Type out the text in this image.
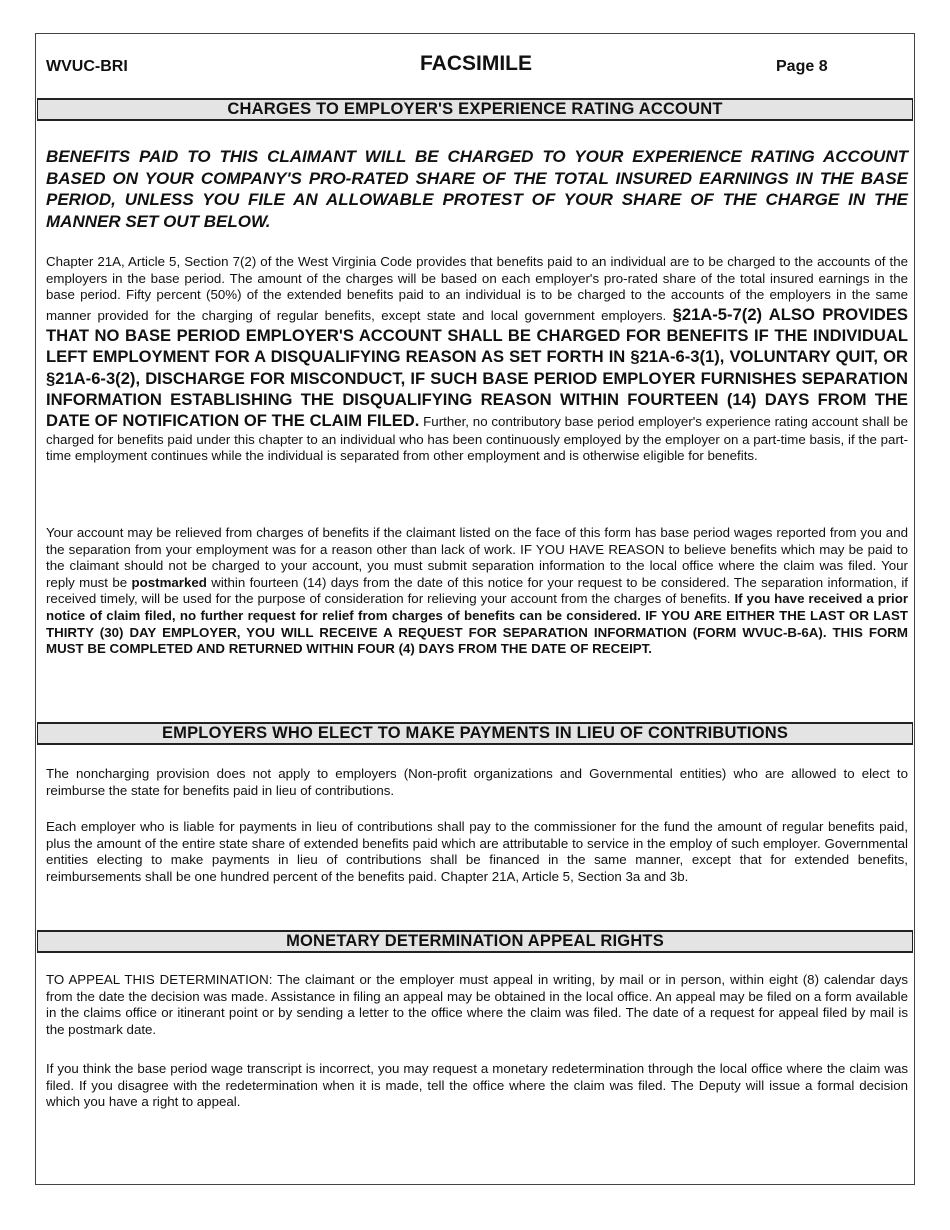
WVUC-BRI	FACSIMILE	Page 8
CHARGES TO EMPLOYER'S EXPERIENCE RATING ACCOUNT
BENEFITS PAID TO THIS CLAIMANT WILL BE CHARGED TO YOUR EXPERIENCE RATING ACCOUNT BASED ON YOUR COMPANY'S PRO-RATED SHARE OF THE TOTAL INSURED EARNINGS IN THE BASE PERIOD, UNLESS YOU FILE AN ALLOWABLE PROTEST OF YOUR SHARE OF THE CHARGE IN THE MANNER SET OUT BELOW.
Chapter 21A, Article 5, Section 7(2) of the West Virginia Code provides that benefits paid to an individual are to be charged to the accounts of the employers in the base period. The amount of the charges will be based on each employer's pro-rated share of the total insured earnings in the base period. Fifty percent (50%) of the extended benefits paid to an individual is to be charged to the accounts of the employers in the same manner provided for the charging of regular benefits, except state and local government employers. §21A-5-7(2) ALSO PROVIDES THAT NO BASE PERIOD EMPLOYER'S ACCOUNT SHALL BE CHARGED FOR BENEFITS IF THE INDIVIDUAL LEFT EMPLOYMENT FOR A DISQUALIFYING REASON AS SET FORTH IN §21A-6-3(1), VOLUNTARY QUIT, OR §21A-6-3(2), DISCHARGE FOR MISCONDUCT, IF SUCH BASE PERIOD EMPLOYER FURNISHES SEPARATION INFORMATION ESTABLISHING THE DISQUALIFYING REASON WITHIN FOURTEEN (14) DAYS FROM THE DATE OF NOTIFICATION OF THE CLAIM FILED. Further, no contributory base period employer's experience rating account shall be charged for benefits paid under this chapter to an individual who has been continuously employed by the employer on a part-time basis, if the part-time employment continues while the individual is separated from other employment and is otherwise eligible for benefits.
Your account may be relieved from charges of benefits if the claimant listed on the face of this form has base period wages reported from you and the separation from your employment was for a reason other than lack of work. IF YOU HAVE REASON to believe benefits which may be paid to the claimant should not be charged to your account, you must submit separation information to the local office where the claim was filed. Your reply must be postmarked within fourteen (14) days from the date of this notice for your request to be considered. The separation information, if received timely, will be used for the purpose of consideration for relieving your account from the charges of benefits. If you have received a prior notice of claim filed, no further request for relief from charges of benefits can be considered. IF YOU ARE EITHER THE LAST OR LAST THIRTY (30) DAY EMPLOYER, YOU WILL RECEIVE A REQUEST FOR SEPARATION INFORMATION (FORM WVUC-B-6A). THIS FORM MUST BE COMPLETED AND RETURNED WITHIN FOUR (4) DAYS FROM THE DATE OF RECEIPT.
EMPLOYERS WHO ELECT TO MAKE PAYMENTS IN LIEU OF CONTRIBUTIONS
The noncharging provision does not apply to employers (Non-profit organizations and Governmental entities) who are allowed to elect to reimburse the state for benefits paid in lieu of contributions.
Each employer who is liable for payments in lieu of contributions shall pay to the commissioner for the fund the amount of regular benefits paid, plus the amount of the entire state share of extended benefits paid which are attributable to service in the employ of such employer. Governmental entities electing to make payments in lieu of contributions shall be financed in the same manner, except that for extended benefits, reimbursements shall be one hundred percent of the benefits paid. Chapter 21A, Article 5, Section 3a and 3b.
MONETARY DETERMINATION APPEAL RIGHTS
TO APPEAL THIS DETERMINATION: The claimant or the employer must appeal in writing, by mail or in person, within eight (8) calendar days from the date the decision was made. Assistance in filing an appeal may be obtained in the local office. An appeal may be filed on a form available in the claims office or itinerant point or by sending a letter to the office where the claim was filed. The date of a request for appeal filed by mail is the postmark date.
If you think the base period wage transcript is incorrect, you may request a monetary redetermination through the local office where the claim was filed. If you disagree with the redetermination when it is made, tell the office where the claim was filed. The Deputy will issue a formal decision which you have a right to appeal.
